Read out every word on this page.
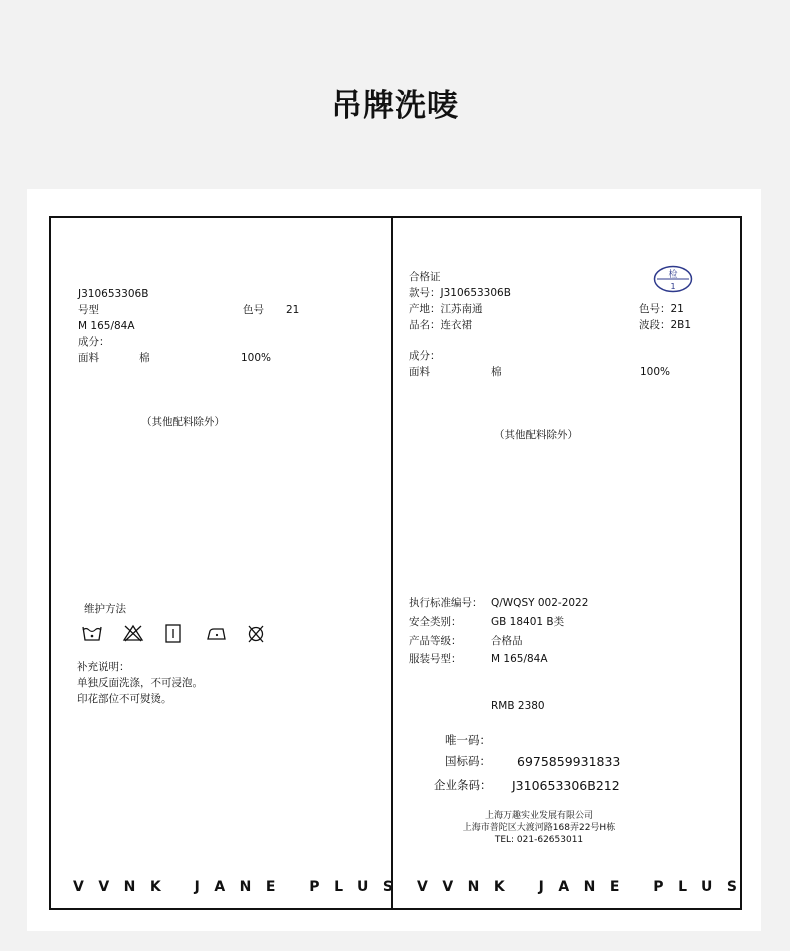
吊牌洗唛
J310653306B
号型	色号 21
M 165/84A
成分：
面料	棉	100%
（其他配料除外）
维护方法
补充说明：
单独反面洗涤，不可浸泡。
印花部位不可熨烫。
VVNK JANE PLUS
合格证	检
1
款号：J310653306B
产地：江苏南通	色号：21
品名：连衣裙	波段：2B1
成分：
面料	棉	100%
（其他配料除外）
执行标准编号： Q/WQSY 002-2022
安全类别：	GB 18401 B类
产品等级：	合格品
服装号型：	M 165/84A
RMB 2380
唯一码：
国标码： 6975859931833
企业条码： J310653306B212
上海万趣实业发展有限公司
上海市普陀区大渡河路168弄22号H栋
TEL: 021-62653011
VVNK JANE PLUS
